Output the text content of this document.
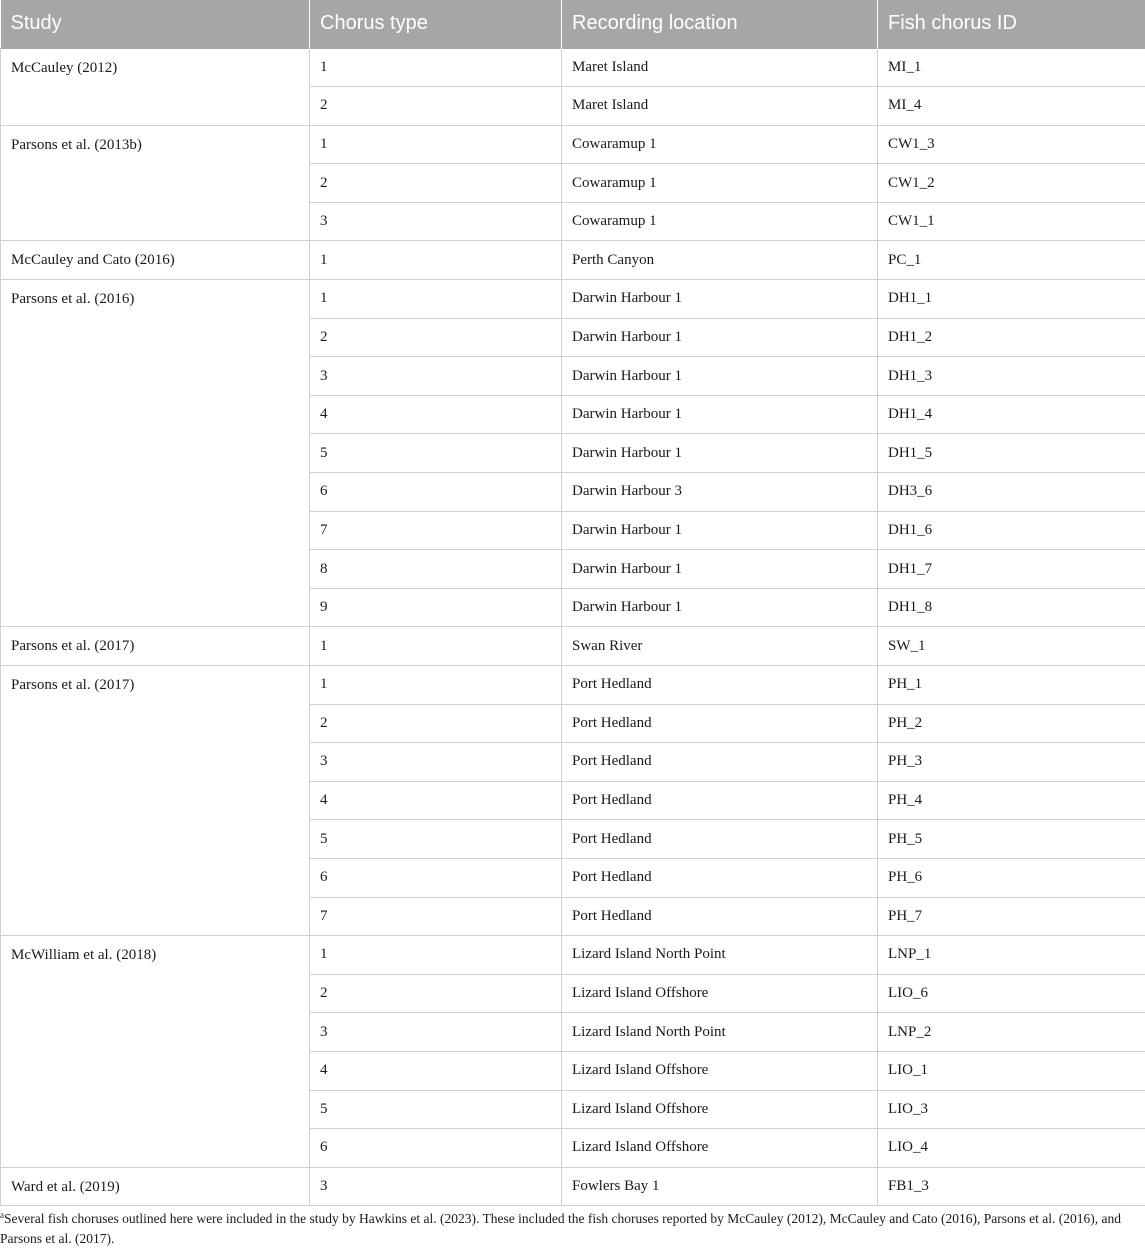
Study	Chorus type	Recording location	Fish chorus ID
McCauley (2012)	1	Maret Island	MI_1
	2	Maret Island	MI_4
Parsons et al. (2013b)	1	Cowaramup 1	CW1_3
	2	Cowaramup 1	CW1_2
	3	Cowaramup 1	CW1_1
McCauley and Cato (2016)	1	Perth Canyon	PC_1
Parsons et al. (2016)	1	Darwin Harbour 1	DH1_1
	2	Darwin Harbour 1	DH1_2
	3	Darwin Harbour 1	DH1_3
	4	Darwin Harbour 1	DH1_4
	5	Darwin Harbour 1	DH1_5
	6	Darwin Harbour 3	DH3_6
	7	Darwin Harbour 1	DH1_6
	8	Darwin Harbour 1	DH1_7
	9	Darwin Harbour 1	DH1_8
Parsons et al. (2017)	1	Swan River	SW_1
Parsons et al. (2017)	1	Port Hedland	PH_1
	2	Port Hedland	PH_2
	3	Port Hedland	PH_3
	4	Port Hedland	PH_4
	5	Port Hedland	PH_5
	6	Port Hedland	PH_6
	7	Port Hedland	PH_7
McWilliam et al. (2018)	1	Lizard Island North Point	LNP_1
	2	Lizard Island Offshore	LIO_6
	3	Lizard Island North Point	LNP_2
	4	Lizard Island Offshore	LIO_1
	5	Lizard Island Offshore	LIO_3
	6	Lizard Island Offshore	LIO_4
Ward et al. (2019)	3	Fowlers Bay 1	FB1_3
$^a$Several fish choruses outlined here were included in the study by Hawkins et al. (2023). These included the fish choruses reported by McCauley (2012), McCauley and Cato (2016), Parsons et al. (2016), and Parsons et al. (2017).
